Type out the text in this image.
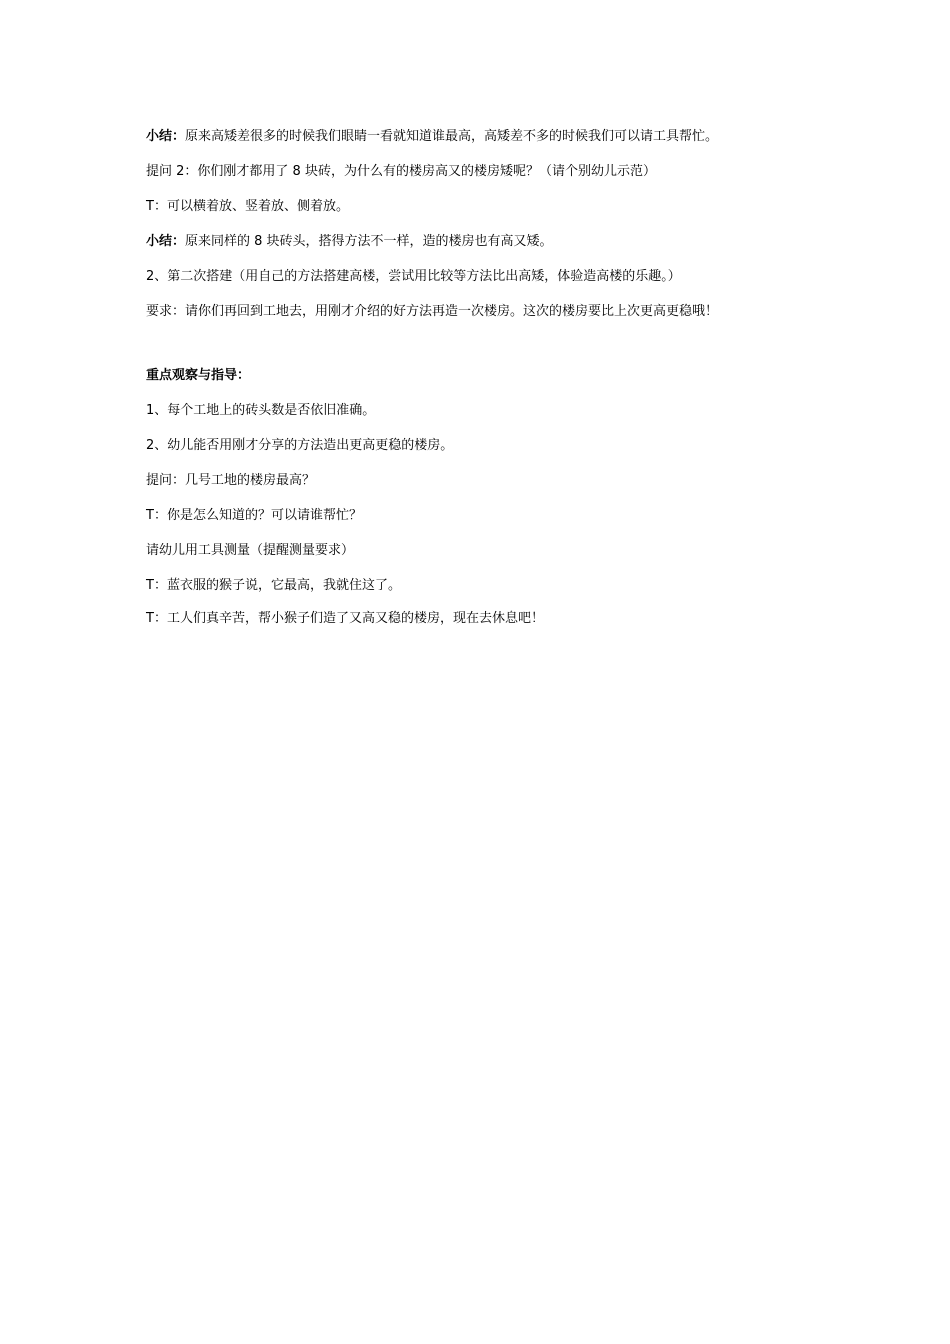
小结：原来高矮差很多的时候我们眼睛一看就知道谁最高，高矮差不多的时候我们可以请工具帮忙。
提问 2：你们刚才都用了 8 块砖，为什么有的楼房高又的楼房矮呢？（请个别幼儿示范）
T：可以横着放、竖着放、侧着放。
小结：原来同样的 8 块砖头，搭得方法不一样，造的楼房也有高又矮。
2、第二次搭建（用自己的方法搭建高楼，尝试用比较等方法比出高矮，体验造高楼的乐趣。）
要求：请你们再回到工地去，用刚才介绍的好方法再造一次楼房。这次的楼房要比上次更高更稳哦！
重点观察与指导：
1、每个工地上的砖头数是否依旧准确。
2、幼儿能否用刚才分享的方法造出更高更稳的楼房。
提问：几号工地的楼房最高？
T：你是怎么知道的？可以请谁帮忙？
请幼儿用工具测量（提醒测量要求）
T：蓝衣服的猴子说，它最高，我就住这了。
T：工人们真辛苦，帮小猴子们造了又高又稳的楼房，现在去休息吧！
